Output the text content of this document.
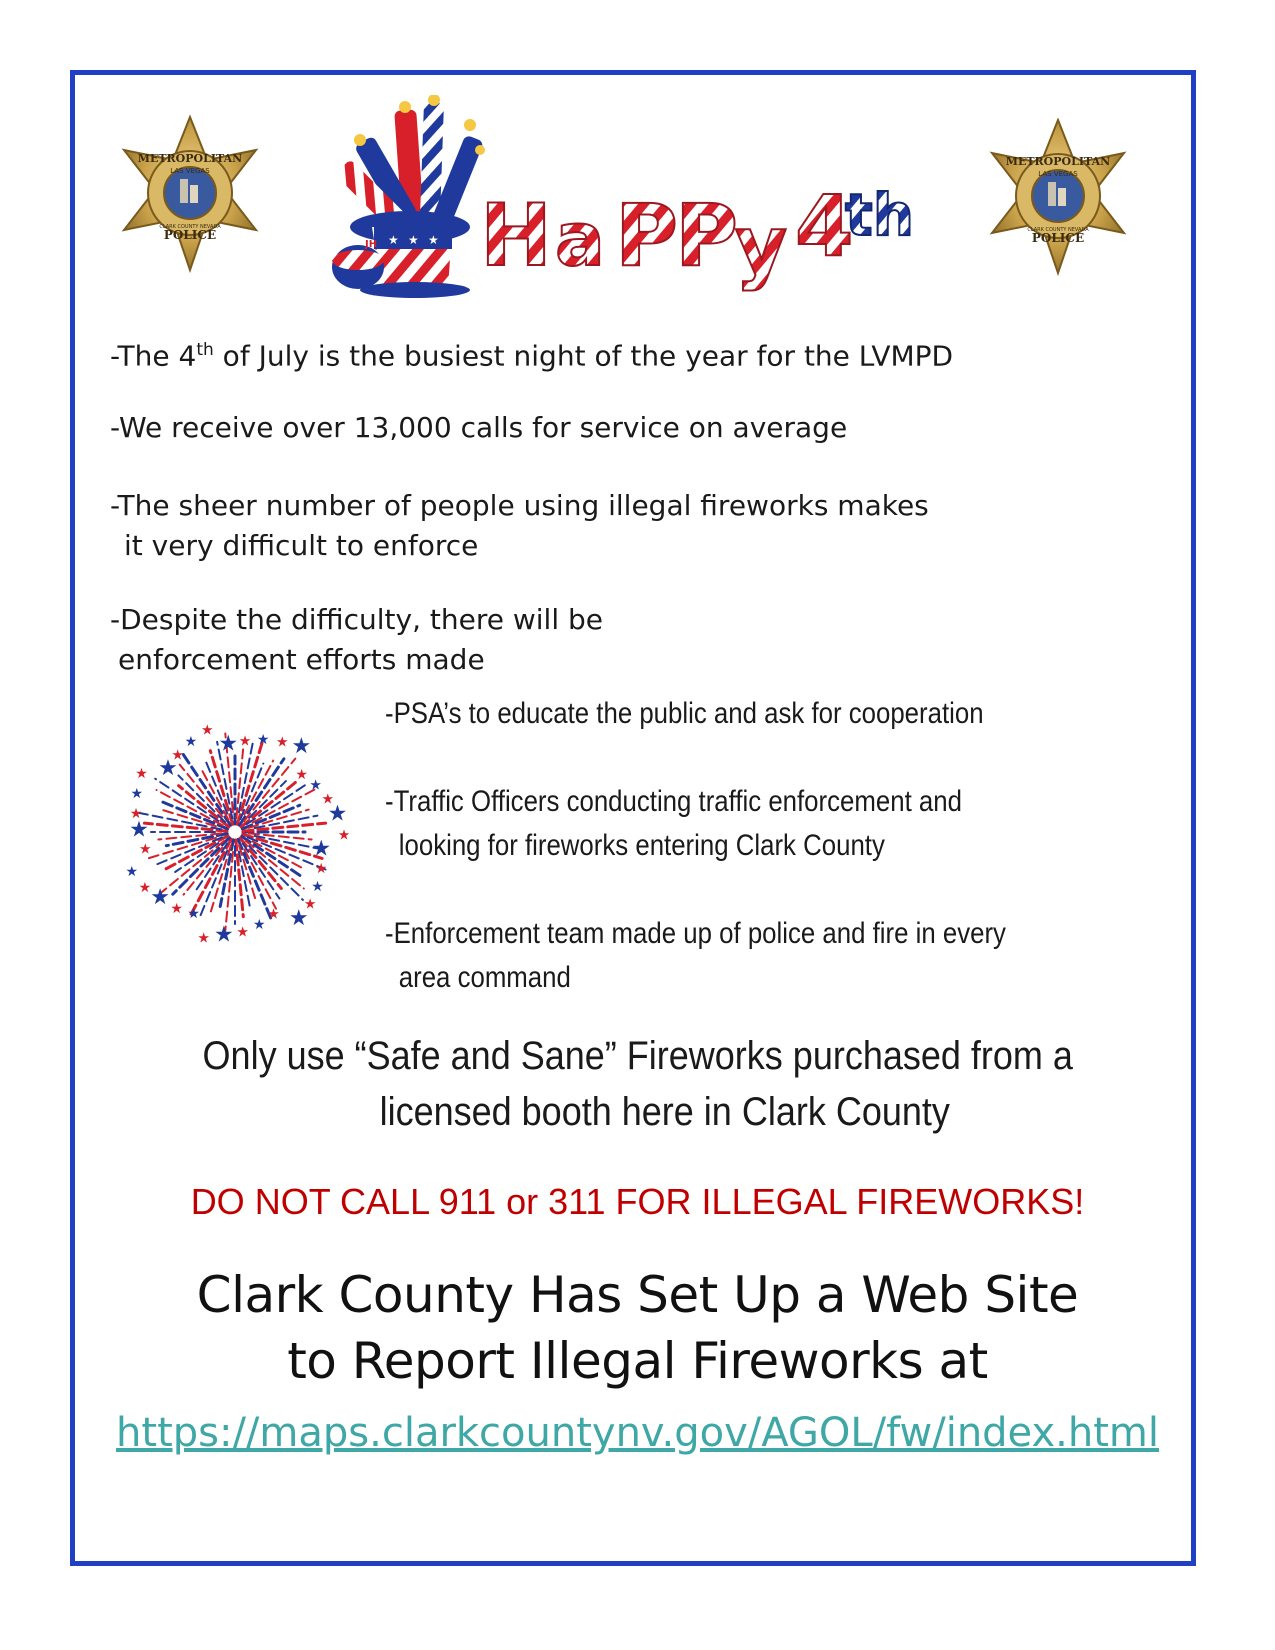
METROPOLITAN
LAS VEGAS
CLARK COUNTY NEVADA
POLICE	★ ★ ★
JH H a P
P
y 4
th
METROPOLITAN
LAS VEGAS
CLARK COUNTY NEVADA
POLICE
-The 4th of July is the busiest night of the year for the LVMPD
-We receive over 13,000 calls for service on average
-The sheer number of people using illegal fireworks makes
it very difficult to enforce
-Despite the difficulty, there will be
enforcement efforts made
★
★
★
★
★
★
★
★
★
★
★
★
★
★
★
★
★
★
★
★ ★
★
★
★
★ ★ ★ ★ ★
★
★
★
★
★
-PSA’s to educate the public and ask for cooperation
-Traffic Officers conducting traffic enforcement and
looking for fireworks entering Clark County
-Enforcement team made up of police and fire in every
area command
Only use “Safe and Sane” Fireworks purchased from a
licensed booth here in Clark County
DO NOT CALL 911 or 311 FOR ILLEGAL FIREWORKS!
Clark County Has Set Up a Web Site
to Report Illegal Fireworks at
https://maps.clarkcountynv.gov/AGOL/fw/index.html
